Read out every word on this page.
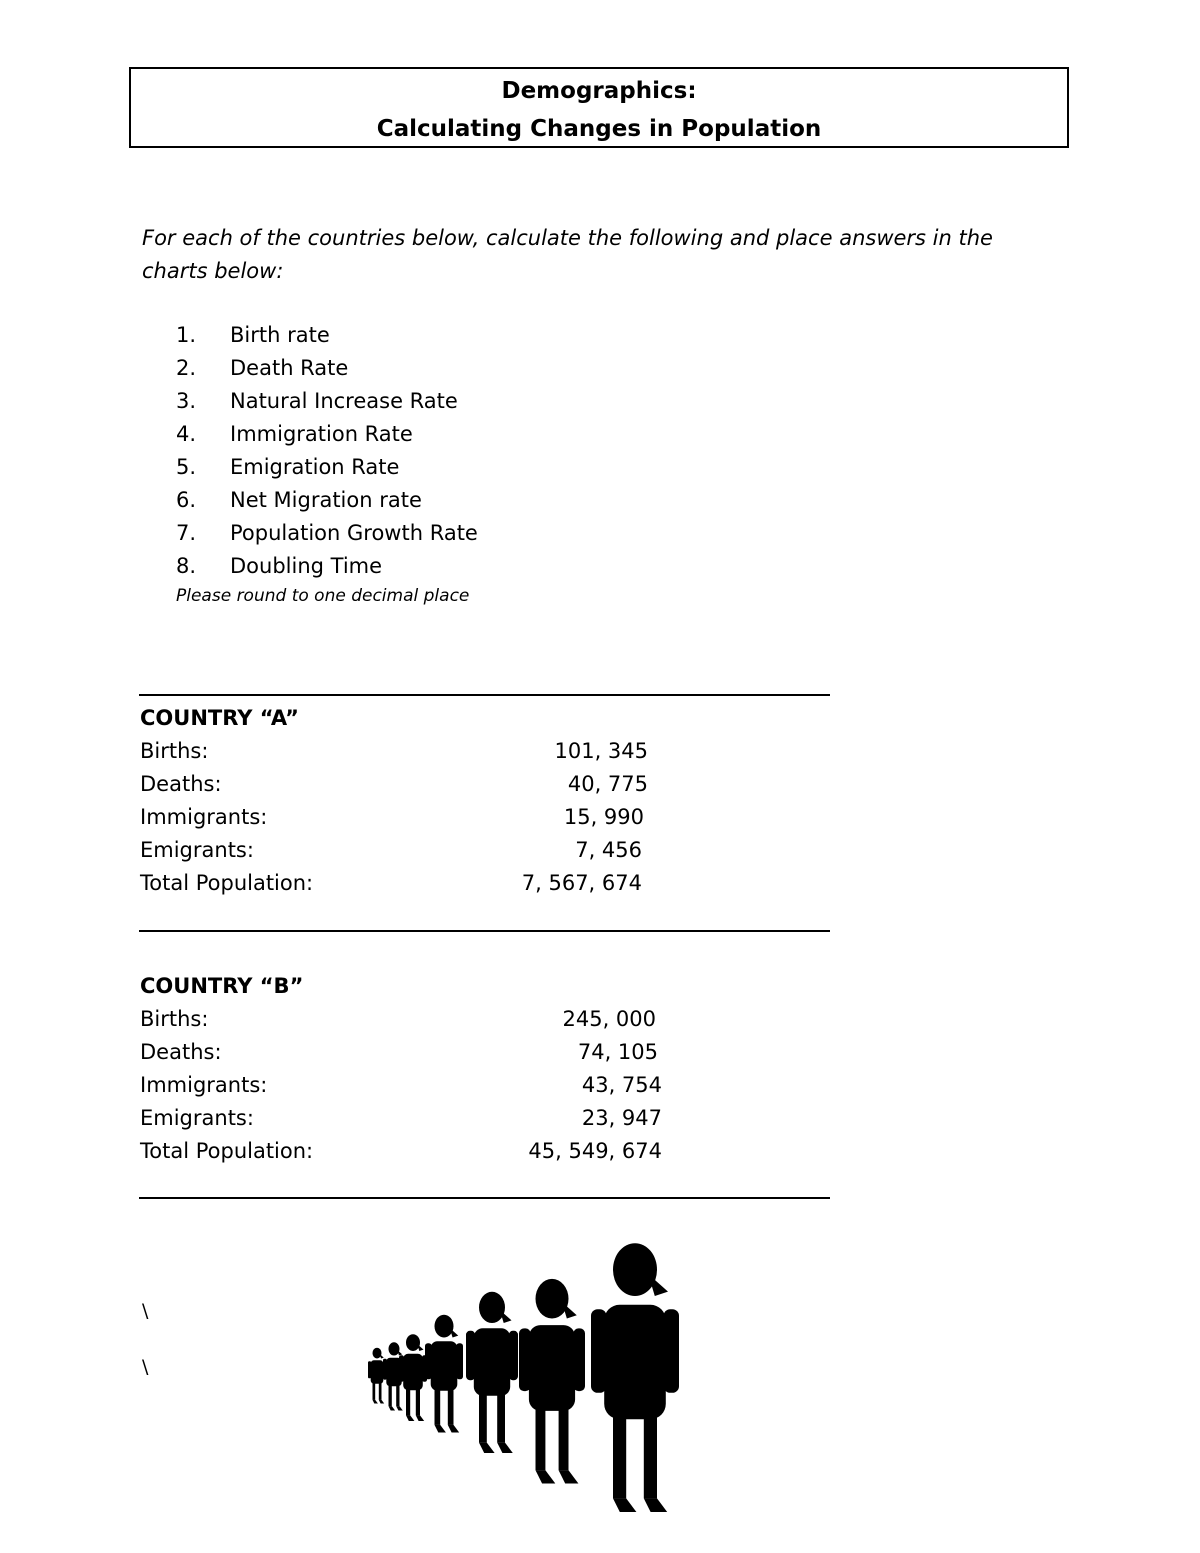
Demographics:
Calculating Changes in Population
For each of the countries below, calculate the following and place answers in the charts below:
1.	Birth rate
2.	Death Rate
3.	Natural Increase Rate
4.	Immigration Rate
5.	Emigration Rate
6.	Net Migration rate
7.	Population Growth Rate
8.	Doubling Time
Please round to one decimal place
COUNTRY “A”
Births:	101, 345
Deaths:	40, 775
Immigrants:	15, 990
Emigrants:	7, 456
Total Population:	7, 567, 674
COUNTRY “B”
Births:	245, 000
Deaths:	74, 105
Immigrants:	43, 754
Emigrants:	23, 947
Total Population:	45, 549, 674
\
\
